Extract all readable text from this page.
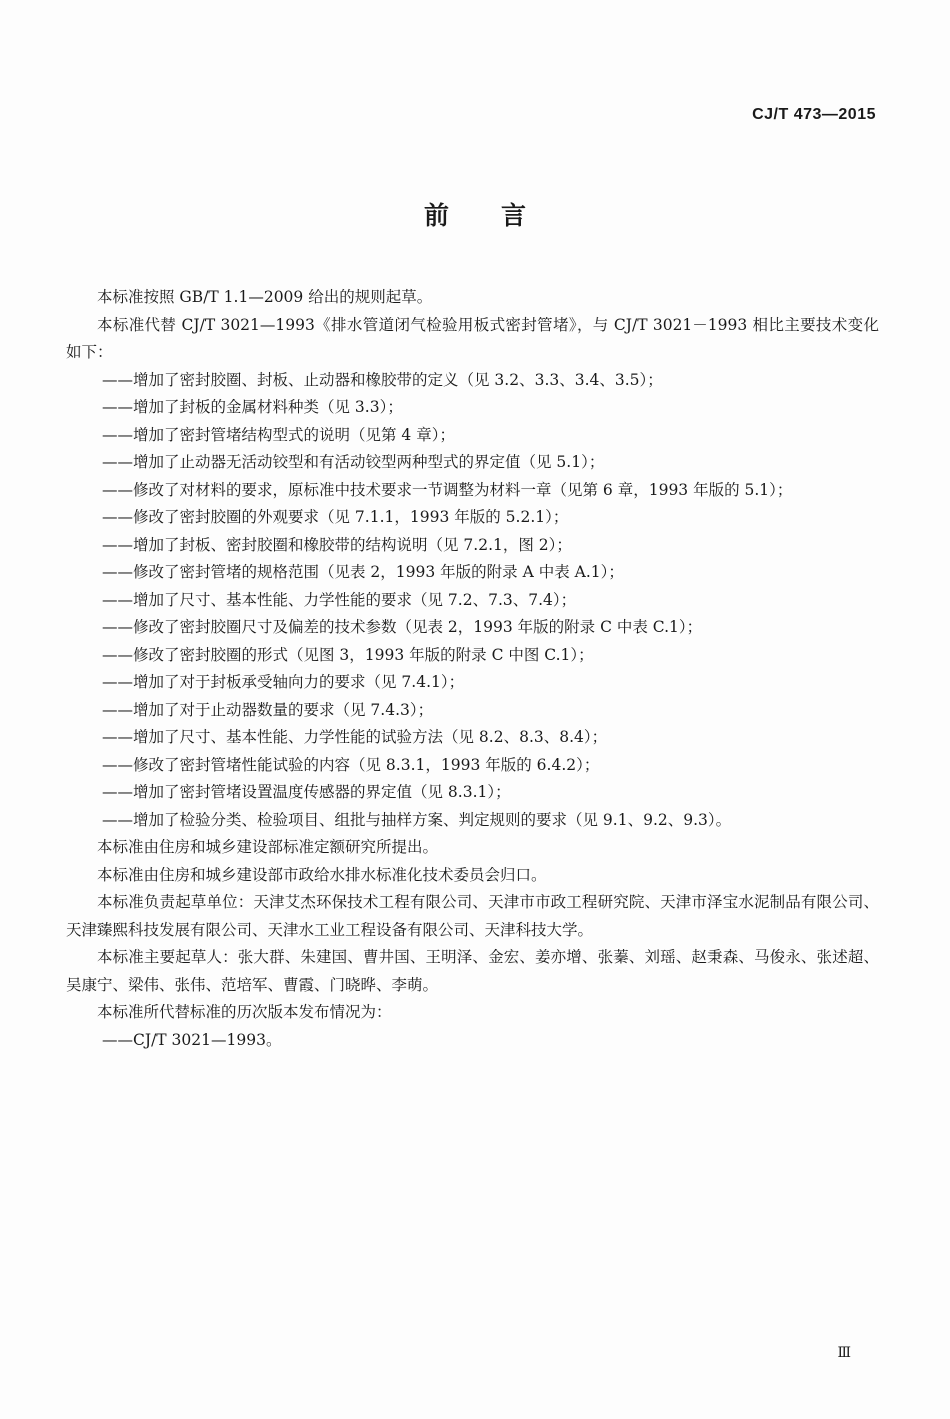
CJ/T 473—2015
前言

本标准按照 GB/T 1.1—2009 给出的规则起草。

本标准代替 CJ/T 3021—1993《排水管道闭气检验用板式密封管堵》，与 CJ/T 3021－1993 相比主要技术变化如下：

——增加了密封胶圈、封板、止动器和橡胶带的定义（见 3.2、3.3、3.4、3.5）；

——增加了封板的金属材料种类（见 3.3）；

——增加了密封管堵结构型式的说明（见第 4 章）；

——增加了止动器无活动铰型和有活动铰型两种型式的界定值（见 5.1）；

——修改了对材料的要求，原标准中技术要求一节调整为材料一章（见第 6 章，1993 年版的 5.1）；

——修改了密封胶圈的外观要求（见 7.1.1，1993 年版的 5.2.1）；

——增加了封板、密封胶圈和橡胶带的结构说明（见 7.2.1，图 2）；

——修改了密封管堵的规格范围（见表 2，1993 年版的附录 A 中表 A.1）；

——增加了尺寸、基本性能、力学性能的要求（见 7.2、7.3、7.4）；

——修改了密封胶圈尺寸及偏差的技术参数（见表 2，1993 年版的附录 C 中表 C.1）；

——修改了密封胶圈的形式（见图 3，1993 年版的附录 C 中图 C.1）；

——增加了对于封板承受轴向力的要求（见 7.4.1）；

——增加了对于止动器数量的要求（见 7.4.3）；

——增加了尺寸、基本性能、力学性能的试验方法（见 8.2、8.3、8.4）；

——修改了密封管堵性能试验的内容（见 8.3.1，1993 年版的 6.4.2）；

——增加了密封管堵设置温度传感器的界定值（见 8.3.1）；

——增加了检验分类、检验项目、组批与抽样方案、判定规则的要求（见 9.1、9.2、9.3）。

本标准由住房和城乡建设部标准定额研究所提出。

本标准由住房和城乡建设部市政给水排水标准化技术委员会归口。

本标准负责起草单位：天津艾杰环保技术工程有限公司、天津市市政工程研究院、天津市泽宝水泥制品有限公司、天津臻熙科技发展有限公司、天津水工业工程设备有限公司、天津科技大学。

本标准主要起草人：张大群、朱建国、曹井国、王明泽、金宏、姜亦增、张蓁、刘瑶、赵秉森、马俊永、张述超、吴康宁、梁伟、张伟、范培军、曹霞、门晓晔、李萌。

本标准所代替标准的历次版本发布情况为：

——CJ/T 3021—1993。

Ⅲ
